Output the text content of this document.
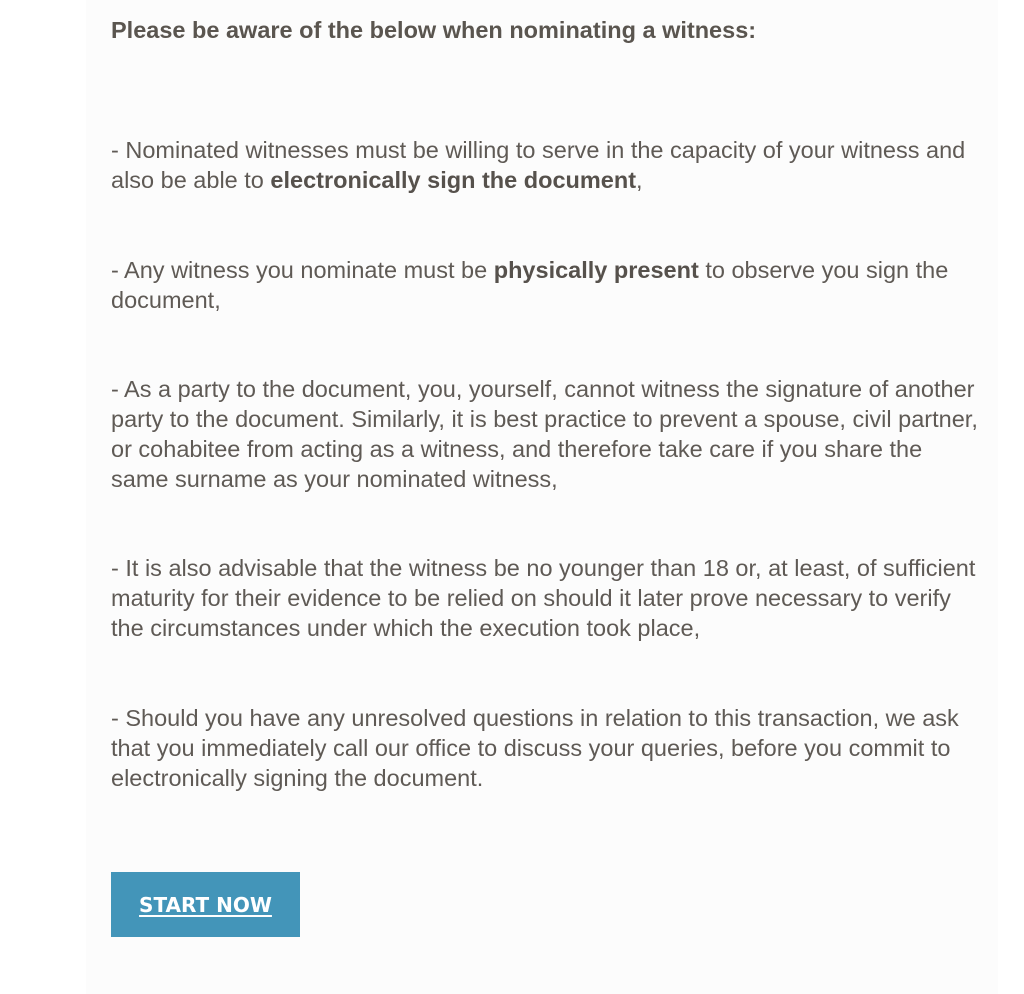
Please be aware of the below when nominating a witness:

- Nominated witnesses must be willing to serve in the capacity of your witness and also be able to electronically sign the document,

- Any witness you nominate must be physically present to observe you sign the document,

- As a party to the document, you, yourself, cannot witness the signature of another party to the document. Similarly, it is best practice to prevent a spouse, civil partner, or cohabitee from acting as a witness, and therefore take care if you share the same surname as your nominated witness,

- It is also advisable that the witness be no younger than 18 or, at least, of sufficient maturity for their evidence to be relied on should it later prove necessary to verify the circumstances under which the execution took place,

- Should you have any unresolved questions in relation to this transaction, we ask that you immediately call our office to discuss your queries, before you commit to electronically signing the document.

START NOW
